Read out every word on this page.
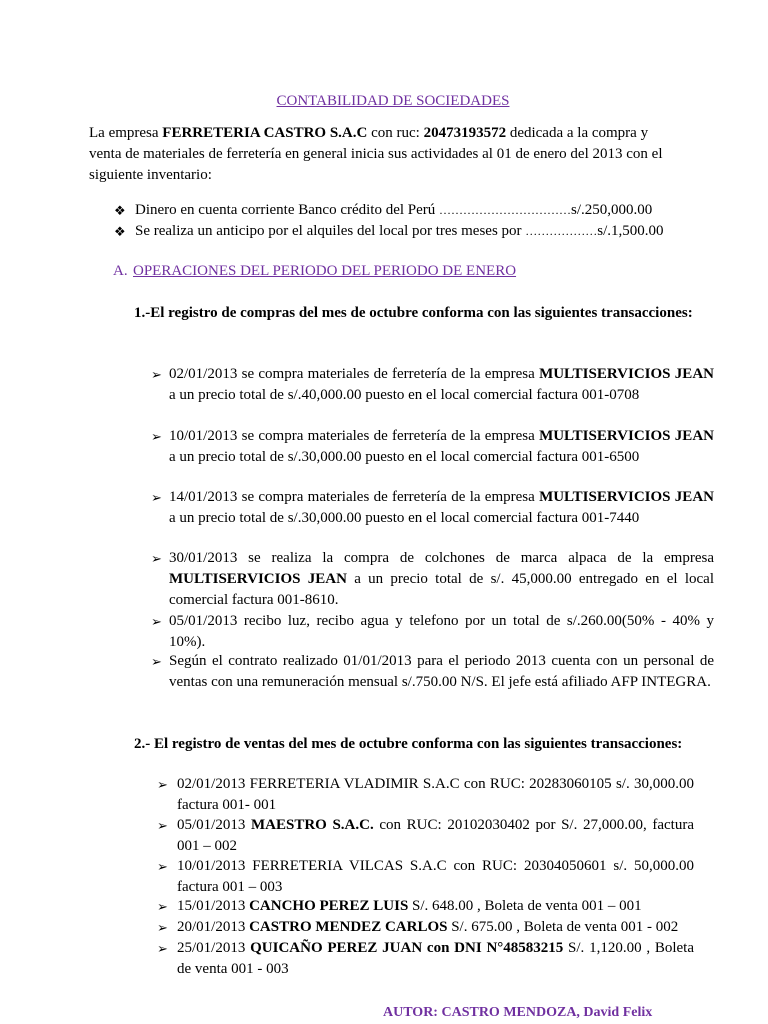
CONTABILIDAD DE SOCIEDADES
La empresa FERRETERIA CASTRO S.A.C con ruc: 20473193572 dedicada a la compra y venta de materiales de ferretería en general inicia sus actividades al 01 de enero del 2013 con el siguiente inventario:
❖ Dinero en cuenta corriente Banco crédito del Perú ……………………………s/.250,000.00
❖ Se realiza un anticipo por el alquiles del local por tres meses por ………………s/.1,500.00
A. OPERACIONES DEL PERIODO DEL PERIODO DE ENERO
1.-El registro de compras del mes de octubre conforma con las siguientes transacciones:
➢ 02/01/2013 se compra materiales de ferretería de la empresa MULTISERVICIOS JEAN a un precio total de s/.40,000.00 puesto en el local comercial factura 001-0708
➢ 10/01/2013 se compra materiales de ferretería de la empresa MULTISERVICIOS JEAN a un precio total de s/.30,000.00 puesto en el local comercial factura 001-6500
➢ 14/01/2013 se compra materiales de ferretería de la empresa MULTISERVICIOS JEAN a un precio total de s/.30,000.00 puesto en el local comercial factura 001-7440
➢ 30/01/2013 se realiza la compra de colchones de marca alpaca de la empresa MULTISERVICIOS JEAN a un precio total de s/. 45,000.00 entregado en el local comercial factura 001-8610.
➢ 05/01/2013 recibo luz, recibo agua y telefono por un total de s/.260.00(50% - 40% y 10%).
➢ Según el contrato realizado 01/01/2013 para el periodo 2013 cuenta con un personal de ventas con una remuneración mensual s/.750.00 N/S. El jefe está afiliado AFP INTEGRA.
2.- El registro de ventas del mes de octubre conforma con las siguientes transacciones:
➢ 02/01/2013 FERRETERIA VLADIMIR S.A.C con RUC: 20283060105 s/. 30,000.00 factura 001- 001
➢ 05/01/2013 MAESTRO S.A.C. con RUC: 20102030402 por S/. 27,000.00, factura 001 – 002
➢ 10/01/2013 FERRETERIA VILCAS S.A.C con RUC: 20304050601 s/. 50,000.00 factura 001 – 003
➢ 15/01/2013 CANCHO PEREZ LUIS S/. 648.00 , Boleta de venta 001 – 001
➢ 20/01/2013 CASTRO MENDEZ CARLOS S/. 675.00 , Boleta de venta 001 - 002
➢ 25/01/2013 QUICAÑO PEREZ JUAN con DNI N°48583215 S/. 1,120.00 , Boleta de venta 001 - 003
AUTOR: CASTRO MENDOZA, David Felix
